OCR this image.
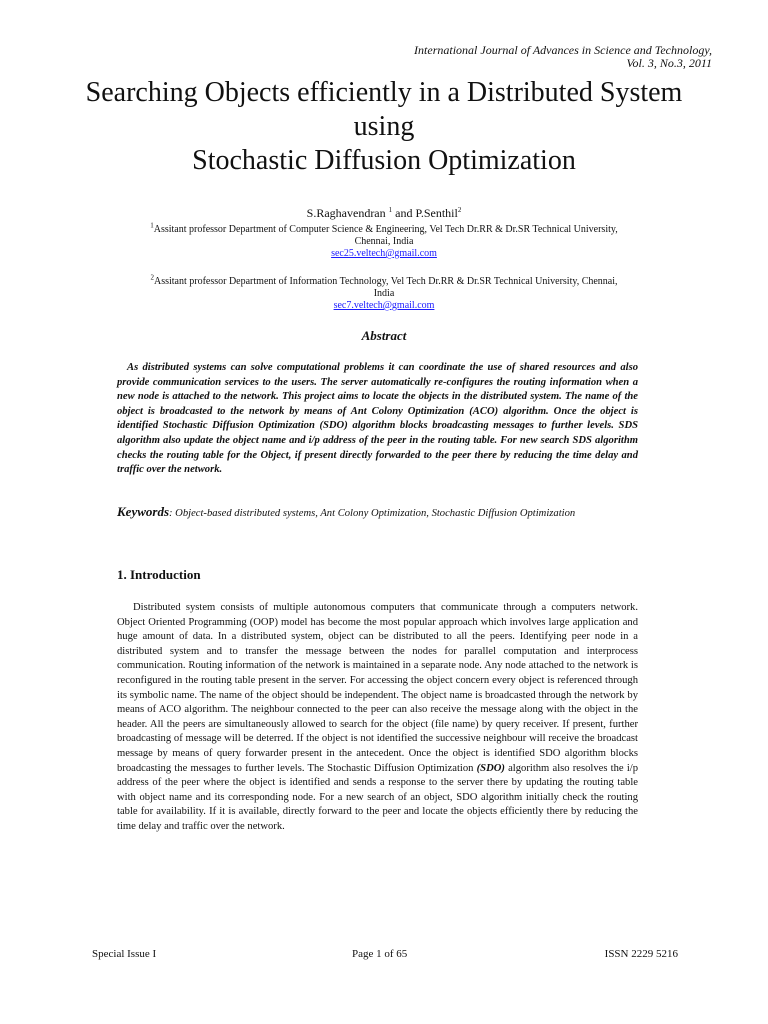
International Journal of Advances in Science and Technology,
Vol. 3, No.3, 2011
Searching Objects efficiently in a Distributed System
using
Stochastic Diffusion Optimization
S.Raghavendran $^1$ and P.Senthil$^2$
$^1$Assitant professor Department of Computer Science & Engineering, Vel Tech Dr.RR & Dr.SR Technical University, Chennai, India
sec25.veltech@gmail.com
$^2$Assitant professor Department of Information Technology, Vel Tech Dr.RR & Dr.SR Technical University, Chennai, India
sec7.veltech@gmail.com
Abstract
As distributed systems can solve computational problems it can coordinate the use of shared resources and also provide communication services to the users. The server automatically re-configures the routing information when a new node is attached to the network. This project aims to locate the objects in the distributed system. The name of the object is broadcasted to the network by means of Ant Colony Optimization (ACO) algorithm. Once the object is identified Stochastic Diffusion Optimization (SDO) algorithm blocks broadcasting messages to further levels. SDS algorithm also update the object name and i/p address of the peer in the routing table. For new search SDS algorithm checks the routing table for the Object, if present directly forwarded to the peer there by reducing the time delay and traffic over the network.
Keywords: Object-based distributed systems, Ant Colony Optimization, Stochastic Diffusion Optimization
1. Introduction
Distributed system consists of multiple autonomous computers that communicate through a computers network. Object Oriented Programming (OOP) model has become the most popular approach which involves large application and huge amount of data. In a distributed system, object can be distributed to all the peers. Identifying peer node in a distributed system and to transfer the message between the nodes for parallel computation and interprocess communication. Routing information of the network is maintained in a separate node. Any node attached to the network is reconfigured in the routing table present in the server. For accessing the object concern every object is referenced through its symbolic name. The name of the object should be independent. The object name is broadcasted through the network by means of ACO algorithm. The neighbour connected to the peer can also receive the message along with the object in the header. All the peers are simultaneously allowed to search for the object (file name) by query receiver. If present, further broadcasting of message will be deterred. If the object is not identified the successive neighbour will receive the broadcast message by means of query forwarder present in the antecedent. Once the object is identified SDO algorithm blocks broadcasting the messages to further levels. The Stochastic Diffusion Optimization (SDO) algorithm also resolves the i/p address of the peer where the object is identified and sends a response to the server there by updating the routing table with object name and its corresponding node. For a new search of an object, SDO algorithm initially check the routing table for availability. If it is available, directly forward to the peer and locate the objects efficiently there by reducing the time delay and traffic over the network.
Special Issue I	Page 1 of 65	ISSN 2229 5216
